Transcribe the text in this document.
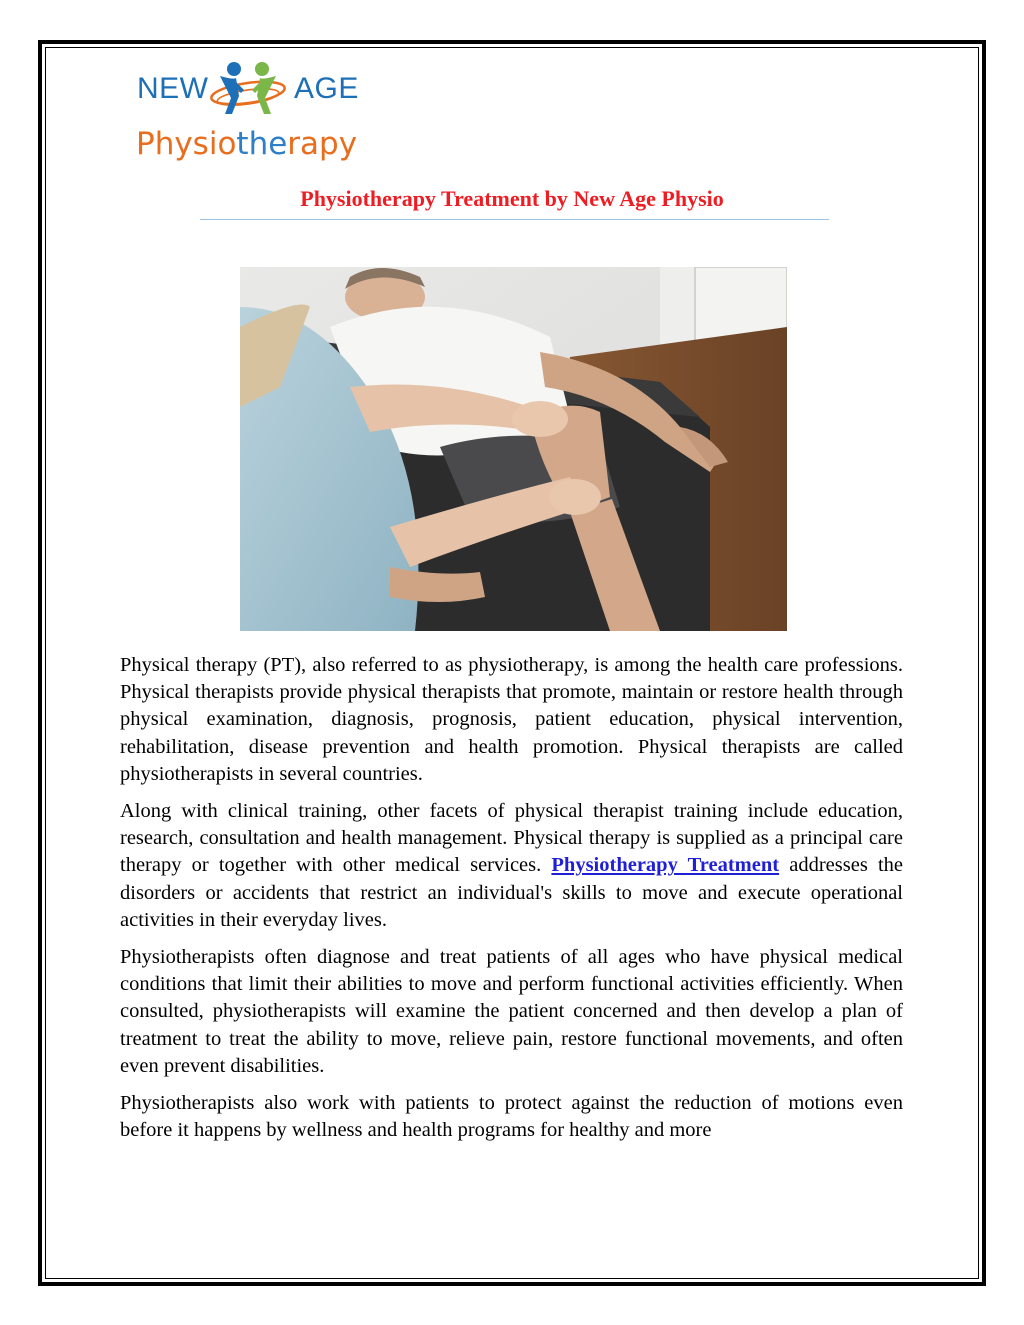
NEW	AGE
Physiotherapy
Physiotherapy Treatment by New Age Physio

Physical therapy (PT), also referred to as physiotherapy, is among the health care professions. Physical therapists provide physical therapists that promote, maintain or restore health through physical examination, diagnosis, prognosis, patient education, physical intervention, rehabilitation, disease prevention and health promotion. Physical therapists are called physiotherapists in several countries.

Along with clinical training, other facets of physical therapist training include education, research, consultation and health management. Physical therapy is supplied as a principal care therapy or together with other medical services. Physiotherapy Treatment addresses the disorders or accidents that restrict an individual's skills to move and execute operational activities in their everyday lives.

Physiotherapists often diagnose and treat patients of all ages who have physical medical conditions that limit their abilities to move and perform functional activities efficiently. When consulted, physiotherapists will examine the patient concerned and then develop a plan of treatment to treat the ability to move, relieve pain, restore functional movements, and often even prevent disabilities.

Physiotherapists also work with patients to protect against the reduction of motions even before it happens by wellness and health programs for healthy and more
